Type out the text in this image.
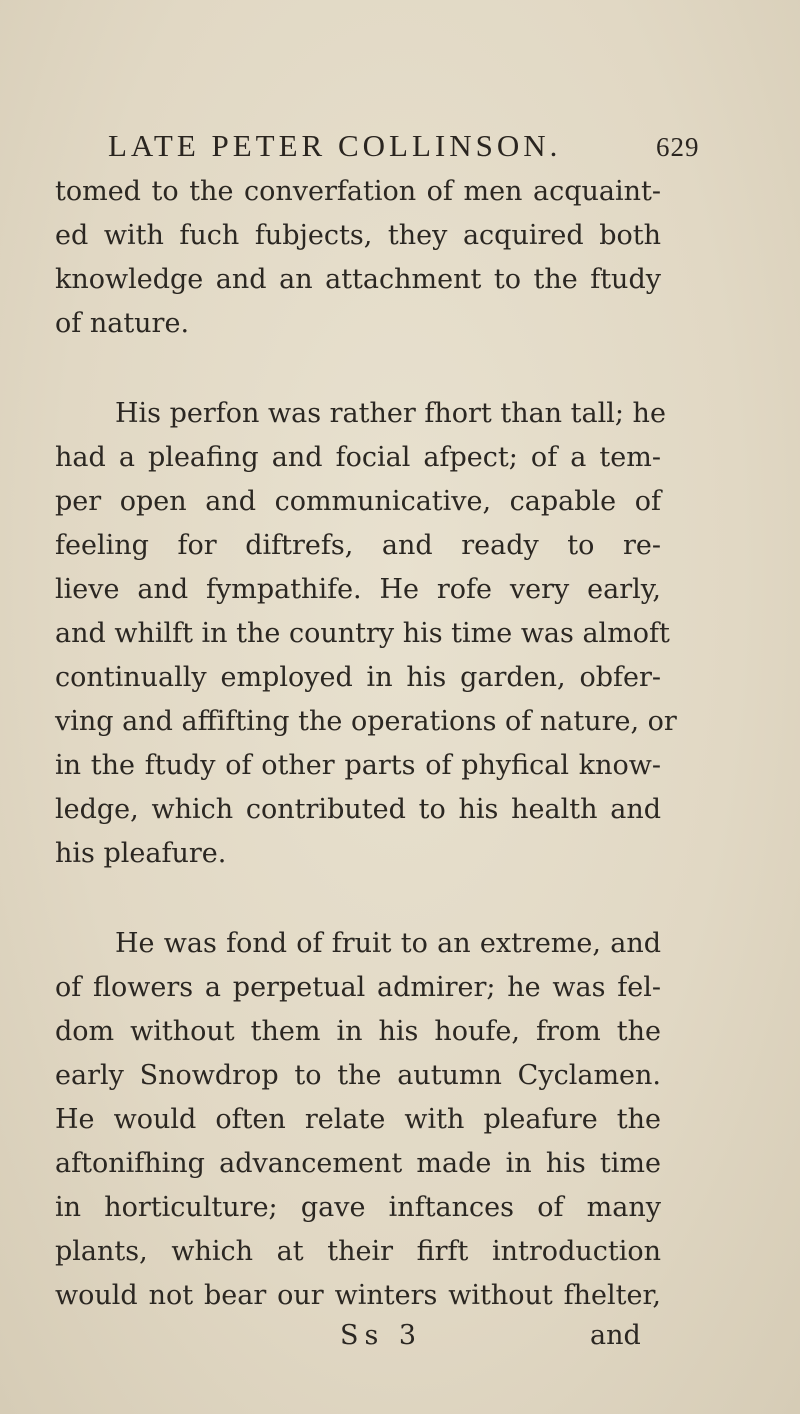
LATE PETER COLLINSON.	629
tomed to the converfation of men acquaint-
ed with fuch fubjects, they acquired both
knowledge and an attachment to the ftudy
of nature.
His perfon was rather fhort than tall; he
had a pleafing and focial afpect; of a tem-
per open and communicative, capable of
feeling for diftrefs, and ready to re-
lieve and fympathife. He rofe very early,
and whilft in the country his time was almoft
continually employed in his garden, obfer-
ving and affifting the operations of nature, or
in the ftudy of other parts of phyfical know-
ledge, which contributed to his health and
his pleafure.
He was fond of fruit to an extreme, and
of flowers a perpetual admirer; he was fel-
dom without them in his houfe, from the
early Snowdrop to the autumn Cyclamen.
He would often relate with pleafure the
aftonifhing advancement made in his time
in horticulture; gave inftances of many
plants, which at their firft introduction
would not bear our winters without fhelter,
Ss 3	and
